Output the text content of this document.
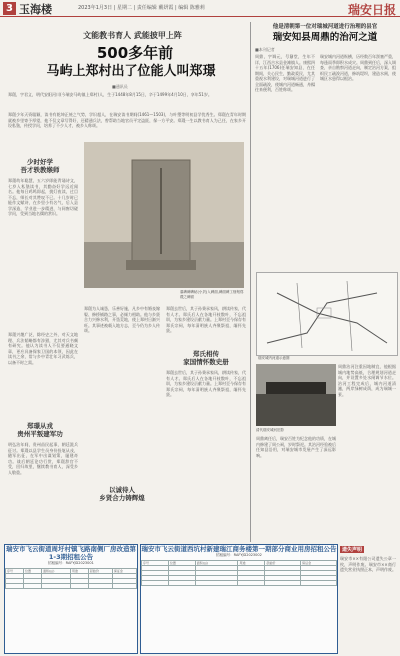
3 玉海楼	2023年1月3日 | 星期二 | 责任编辑 戴妍霞 | 编辑 陈雅莉	瑞安日报
文能教书育人 武能披甲上阵
500多年前
马屿上郑村出了位能人叫郑璟
■通讯员
郑璟，字君义，明代安阳河川(今瑞安马屿镇上郑村)人，生于1448年8月15日，卒于1499年4月10日，享年51岁。
郑璟少年天资聪颖，读书有乾坤正统之气势，学识超人，在瑞安读书期间(1461—1503)，与叶塑等明初县学优秀生。郑璟在青年时期就被乡里寄予厚望，他不仅文章写得好，还精通兵法，曾帮助当地官员平定盗匪，保一方平安。郑璟一生以教书育人为己任，在家乡开设私塾，传授学问，培养了不少人才，被乡人称颂。
少时好学
吾才轶教缑师
郑璟幼年聪慧，五六岁即能背诵诗文，七岁入私塾读书，其勤奋好学远近闻名。他每日鸡鸣即起，挑灯夜读，过目不忘，师长对其赞叹不已。十几岁时已能作文赋诗，在乡里小有名气，后入县学深造，学业进一步精进，与同窗切磋学问，受到当地名儒的赏识。
郑璟兴趣广泛，除经史之外，对天文地理、兵法韬略都有涉猎，尤其对兵书颇有研究。他认为读书人不仅要通晓文章，更应具备保家卫国的本领，因此在读书之余，常与乡中青壮年习武练兵，以备不时之需。
郑璟从戎
贵州平叛建军功
明弘治年间，贵州苗民起事，朝廷派兵征讨。郑璟以县学生员身份投笔从戎，随军出征，在军中出谋划策，屡建奇功。战后朝廷论功行赏，郑璟辞官不受，回归故里，继续教书育人，深受乡人敬重。
墓碑碑碑帖(小贝)入碑面,碑面碑工细刻郑璟之碑面
郑璟为人诚恳，乐善好施，凡乡中有婚丧嫁娶、修桥铺路之事，必倾力相助。他与乡贤合力兴修水利，开垦荒地，使上郑村日渐兴旺。其事迹被载入地方志，至今仍为乡人传颂。
以诚待人
乡贤合力铸辉煌
郑璟去世后，其子孙秉承家风，耕读传家，代有人才。郑氏后人在各地开枝散叶，不忘祖训，为家乡建设贡献力量。上郑村至今保存有郑氏宗祠，每年清明族人齐聚祭祖，缅怀先贤。
郑氏相传
家国情怀数史册
郑璟去世后，其子孙秉承家风，耕读传家，代有人才。郑氏后人在各地开枝散叶，不忘祖训，为家乡建设贡献力量。上郑村至今保存有郑氏宗祠，每年清明族人齐聚祭祖，缅怀先贤。
他是清朝第一位对瑞城河道进行治理的县官
瑞安知县周鼎的治河之道
■本刊记者
周鼎，字调元，号鼐堂，生年不详，江西吉水县金滩镇人。康熙四十五年(1706)任瑞安知县，在任期间，关心民生，勤政爱民，尤其重视水利建设，对瑞城河道进行了全面疏浚，使城内河道畅通，舟楫往来便利，百姓称颂。
瑞安城内河道纵横，历经数百年淤塞严重，每逢雨季即积水成灾。周鼎到任后，深入调查，亲自勘察河道走向，制定治河方案，组织民工疏浚河道，修筑堤坝，建造水闸，使城区水患得以根治。
瑞安城内河道示意图
清代瑞安城河旧影
周鼎治河注重因地制宜，他根据城内地势高低，合理规划河道走向，并设置多处水闸调节水位。治河工程完成后，城内河道清澈，两岸绿树成荫，成为瑞城一景。
周鼎离任后，瑞安百姓为纪念他的功绩，在城内修建了周公祠，岁时祭祀。其治河经验被后任知县沿用，对瑞安城市发展产生了深远影响。
瑞安市飞云街道周圩村镇飞路南侧厂房改造第1-3期招租公告
招租编号：RAFYJD2023001
序号	位置	面积(㎡)	用途	起始价	保证金

瑞安市飞云街道西坑村新建瑞江商务楼第一期部分商业用房招租公告
招租编号：RAFYJD2023002
序号	位置	面积(㎡)	用途	起始价	保证金

遗失声明
瑞安市××有限公司遗失公章一枚，声明作废。瑞安市××商行遗失营业执照正本，声明作废。
